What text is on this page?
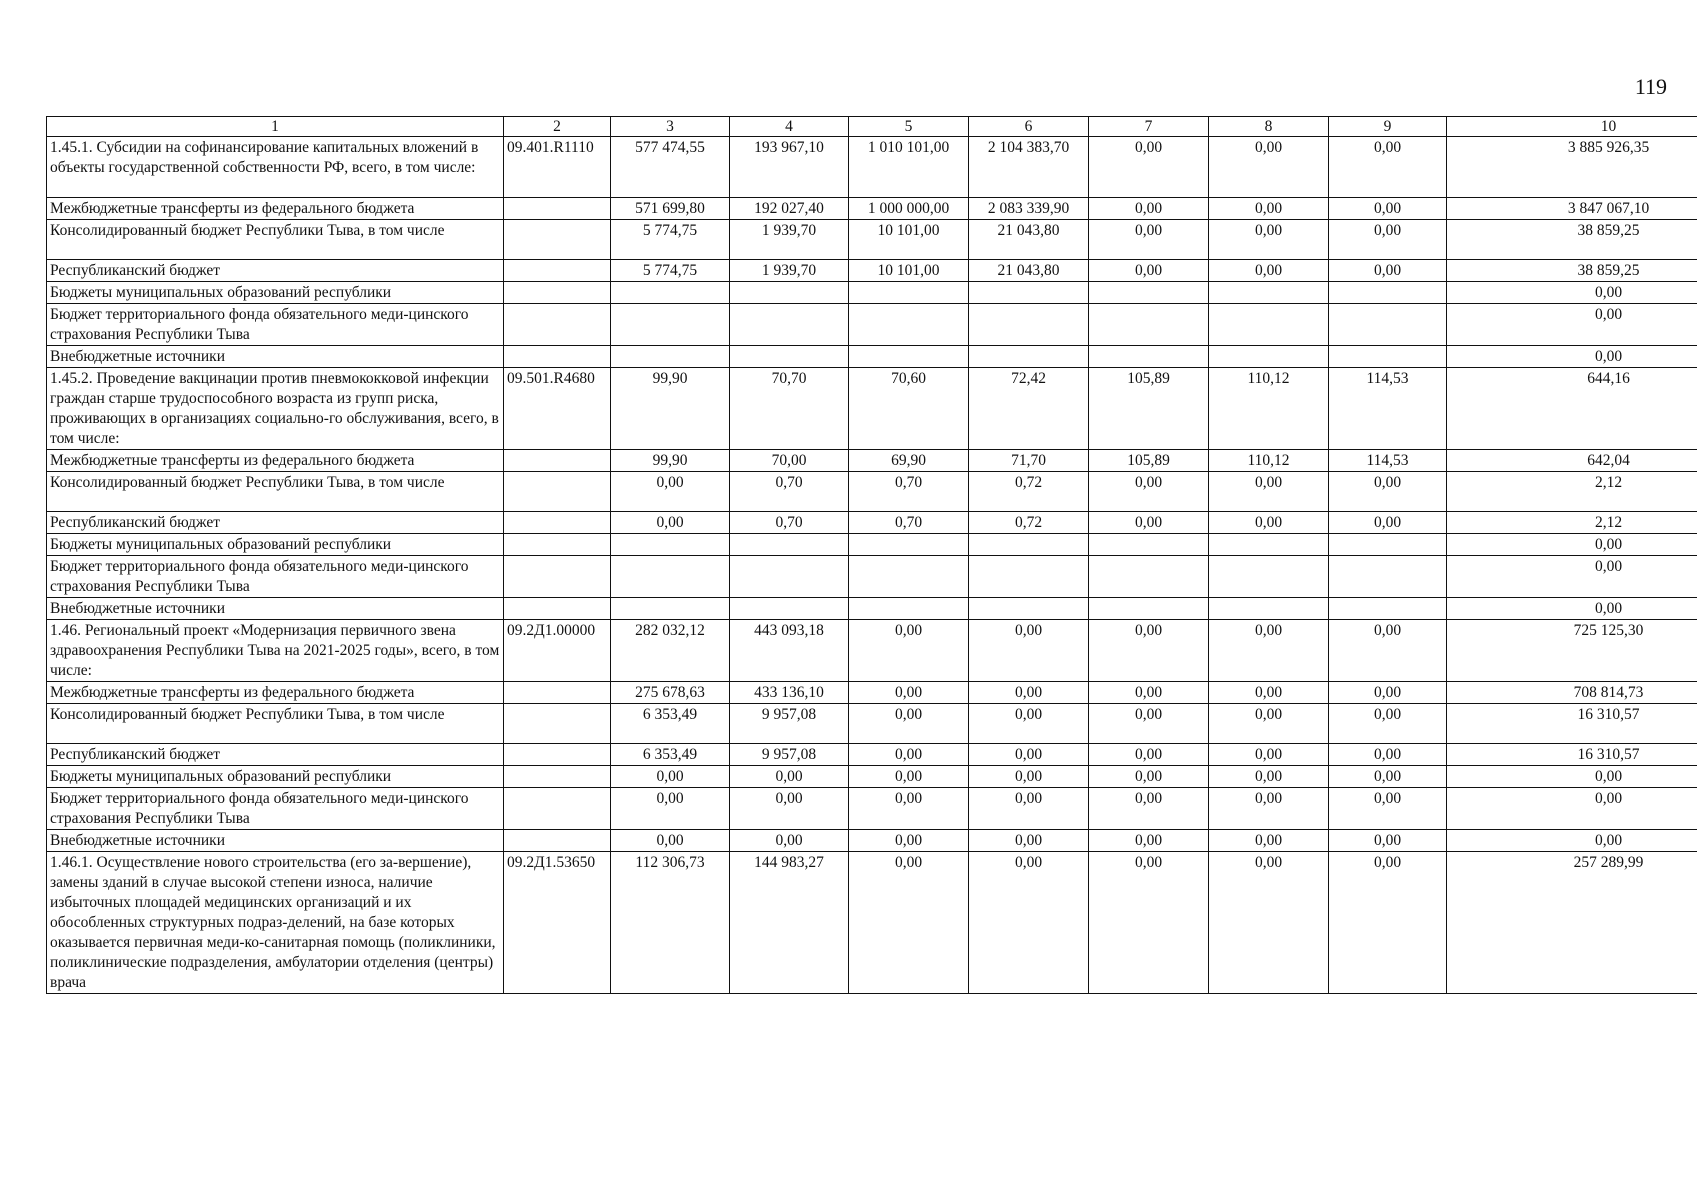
119
1	2	3	4	5	6	7	8	9	10
1.45.1. Субсидии на софинансирование капитальных вложений в объекты государственной собственности РФ, всего, в том числе:	09.401.R1110	577 474,55	193 967,10	1 010 101,00	2 104 383,70	0,00	0,00	0,00	3 885 926,35
Межбюджетные трансферты из федерального бюджета		571 699,80	192 027,40	1 000 000,00	2 083 339,90	0,00	0,00	0,00	3 847 067,10
Консолидированный бюджет Республики Тыва, в том числе		5 774,75	1 939,70	10 101,00	21 043,80	0,00	0,00	0,00	38 859,25
Республиканский бюджет		5 774,75	1 939,70	10 101,00	21 043,80	0,00	0,00	0,00	38 859,25
Бюджеты муниципальных образований республики									0,00
Бюджет территориального фонда обязательного меди-цинского страхования Республики Тыва									0,00
Внебюджетные источники									0,00
1.45.2. Проведение вакцинации против пневмококковой инфекции граждан старше трудоспособного возраста из групп риска, проживающих в организациях социально-го обслуживания, всего, в том числе:	09.501.R4680	99,90	70,70	70,60	72,42	105,89	110,12	114,53	644,16
Межбюджетные трансферты из федерального бюджета		99,90	70,00	69,90	71,70	105,89	110,12	114,53	642,04
Консолидированный бюджет Республики Тыва, в том числе		0,00	0,70	0,70	0,72	0,00	0,00	0,00	2,12
Республиканский бюджет		0,00	0,70	0,70	0,72	0,00	0,00	0,00	2,12
Бюджеты муниципальных образований республики									0,00
Бюджет территориального фонда обязательного меди-цинского страхования Республики Тыва									0,00
Внебюджетные источники									0,00
1.46. Региональный проект «Модернизация первичного звена здравоохранения Республики Тыва на 2021-2025 годы», всего, в том числе:	09.2Д1.00000	282 032,12	443 093,18	0,00	0,00	0,00	0,00	0,00	725 125,30
Межбюджетные трансферты из федерального бюджета		275 678,63	433 136,10	0,00	0,00	0,00	0,00	0,00	708 814,73
Консолидированный бюджет Республики Тыва, в том числе		6 353,49	9 957,08	0,00	0,00	0,00	0,00	0,00	16 310,57
Республиканский бюджет		6 353,49	9 957,08	0,00	0,00	0,00	0,00	0,00	16 310,57
Бюджеты муниципальных образований республики		0,00	0,00	0,00	0,00	0,00	0,00	0,00	0,00
Бюджет территориального фонда обязательного меди-цинского страхования Республики Тыва		0,00	0,00	0,00	0,00	0,00	0,00	0,00	0,00
Внебюджетные источники		0,00	0,00	0,00	0,00	0,00	0,00	0,00	0,00
1.46.1. Осуществление нового строительства (его за-вершение), замены зданий в случае высокой степени износа, наличие избыточных площадей медицинских организаций и их обособленных структурных подраз-делений, на базе которых оказывается первичная меди-ко-санитарная помощь (поликлиники, поликлинические подразделения, амбулатории отделения (центры) врача	09.2Д1.53650	112 306,73	144 983,27	0,00	0,00	0,00	0,00	0,00	257 289,99
